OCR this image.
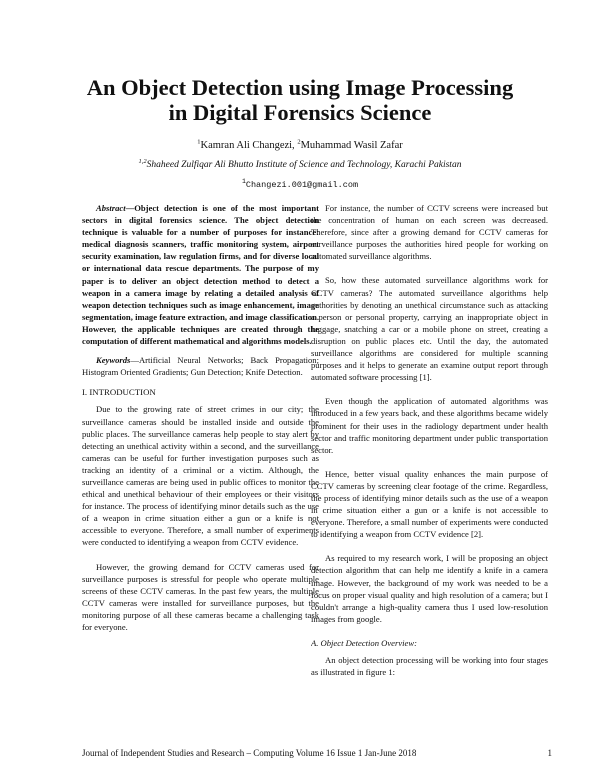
An Object Detection using Image Processing
in Digital Forensics Science
$^1$Kamran Ali Changezi, $^2$Muhammad Wasil Zafar
$^{1,2}$Shaheed Zulfiqar Ali Bhutto Institute of Science and Technology, Karachi Pakistan
$^1$Changezi.001@gmail.com

Abstract—Object detection is one of the most important sectors in digital forensics science. The object detection technique is valuable for a number of purposes for instance: medical diagnosis scanners, traffic monitoring system, airport security examination, law regulation firms, and for diverse local or international data rescue departments. The purpose of my paper is to deliver an object detection method to detect a weapon in a camera image by relating a detailed analysis of weapon detection techniques such as image enhancement, image segmentation, image feature extraction, and image classification. However, the applicable techniques are created through the computation of different mathematical and algorithms models.

Keywords—Artificial Neural Networks; Back Propagation; Histogram Oriented Gradients; Gun Detection; Knife Detection.

I. INTRODUCTION

Due to the growing rate of street crimes in our city; the surveillance cameras should be installed inside and outside the public places. The surveillance cameras help people to stay alert by detecting an unethical activity within a second, and the surveillance cameras can be useful for further investigation purposes such as tracking an identity of a criminal or a victim. Although, the surveillance cameras are being used in public offices to monitor the ethical and unethical behaviour of their employees or their visitors for instance. The process of identifying minor details such as the use of a weapon in crime situation either a gun or a knife is not accessible to everyone. Therefore, a small number of experiments were conducted to identifying a weapon from CCTV evidence.

However, the growing demand for CCTV cameras used for surveillance purposes is stressful for people who operate multiple screens of these CCTV cameras. In the past few years, the multiple CCTV cameras were installed for surveillance purposes, but the monitoring purpose of all these cameras became a challenging task for everyone.

For instance, the number of CCTV screens were increased but the concentration of human on each screen was decreased. Therefore, since after a growing demand for CCTV cameras for surveillance purposes the authorities hired people for working on automated surveillance algorithms.

So, how these automated surveillance algorithms work for CCTV cameras? The automated surveillance algorithms help authorities by denoting an unethical circumstance such as attacking a person or personal property, carrying an inappropriate object in luggage, snatching a car or a mobile phone on street, creating a disruption on public places etc. Until the day, the automated surveillance algorithms are considered for multiple scanning purposes and it helps to generate an examine output report through automated software processing [1].

Even though the application of automated algorithms was introduced in a few years back, and these algorithms became widely prominent for their uses in the radiology department under health sector and traffic monitoring department under public transportation sector.

Hence, better visual quality enhances the main purpose of CCTV cameras by screening clear footage of the crime. Regardless, the process of identifying minor details such as the use of a weapon in crime situation either a gun or a knife is not accessible to everyone. Therefore, a small number of experiments were conducted to identifying a weapon from CCTV evidence [2].

As required to my research work, I will be proposing an object detection algorithm that can help me identify a knife in a camera image. However, the background of my work was needed to be a focus on proper visual quality and high resolution of a camera; but I couldn't arrange a high-quality camera thus I used low-resolution images from google.

A. Object Detection Overview:

An object detection processing will be working into four stages as illustrated in figure 1:

Journal of Independent Studies and Research – Computing Volume 16 Issue 1 Jan-June 2018	1
